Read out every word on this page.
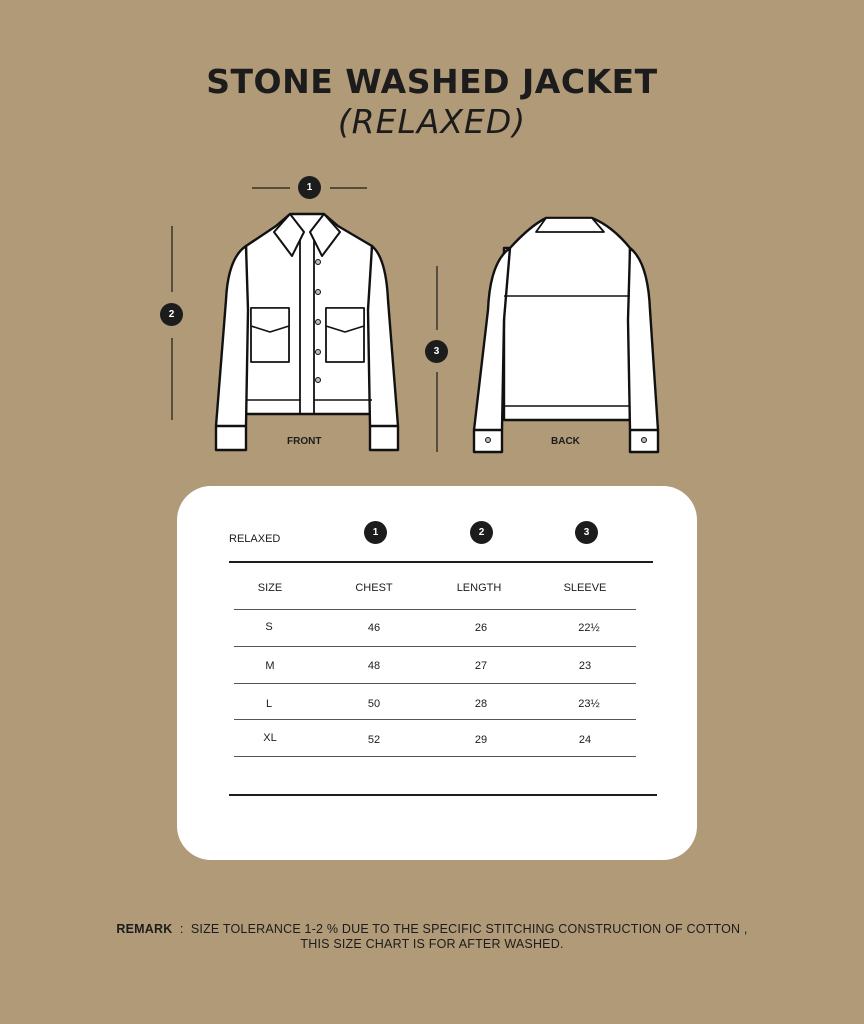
STONE WASHED JACKET
(RELAXED)
1
2
3
FRONT	BACK
RELAXED
1	2	3
SIZE	CHEST	LENGTH	SLEEVE
S	46	26	22½
M	48	27	23
L	50	28	23½
XL	52	29	24
REMARK : SIZE TOLERANCE 1-2 % DUE TO THE SPECIFIC STITCHING CONSTRUCTION OF COTTON ,
THIS SIZE CHART IS FOR AFTER WASHED.
